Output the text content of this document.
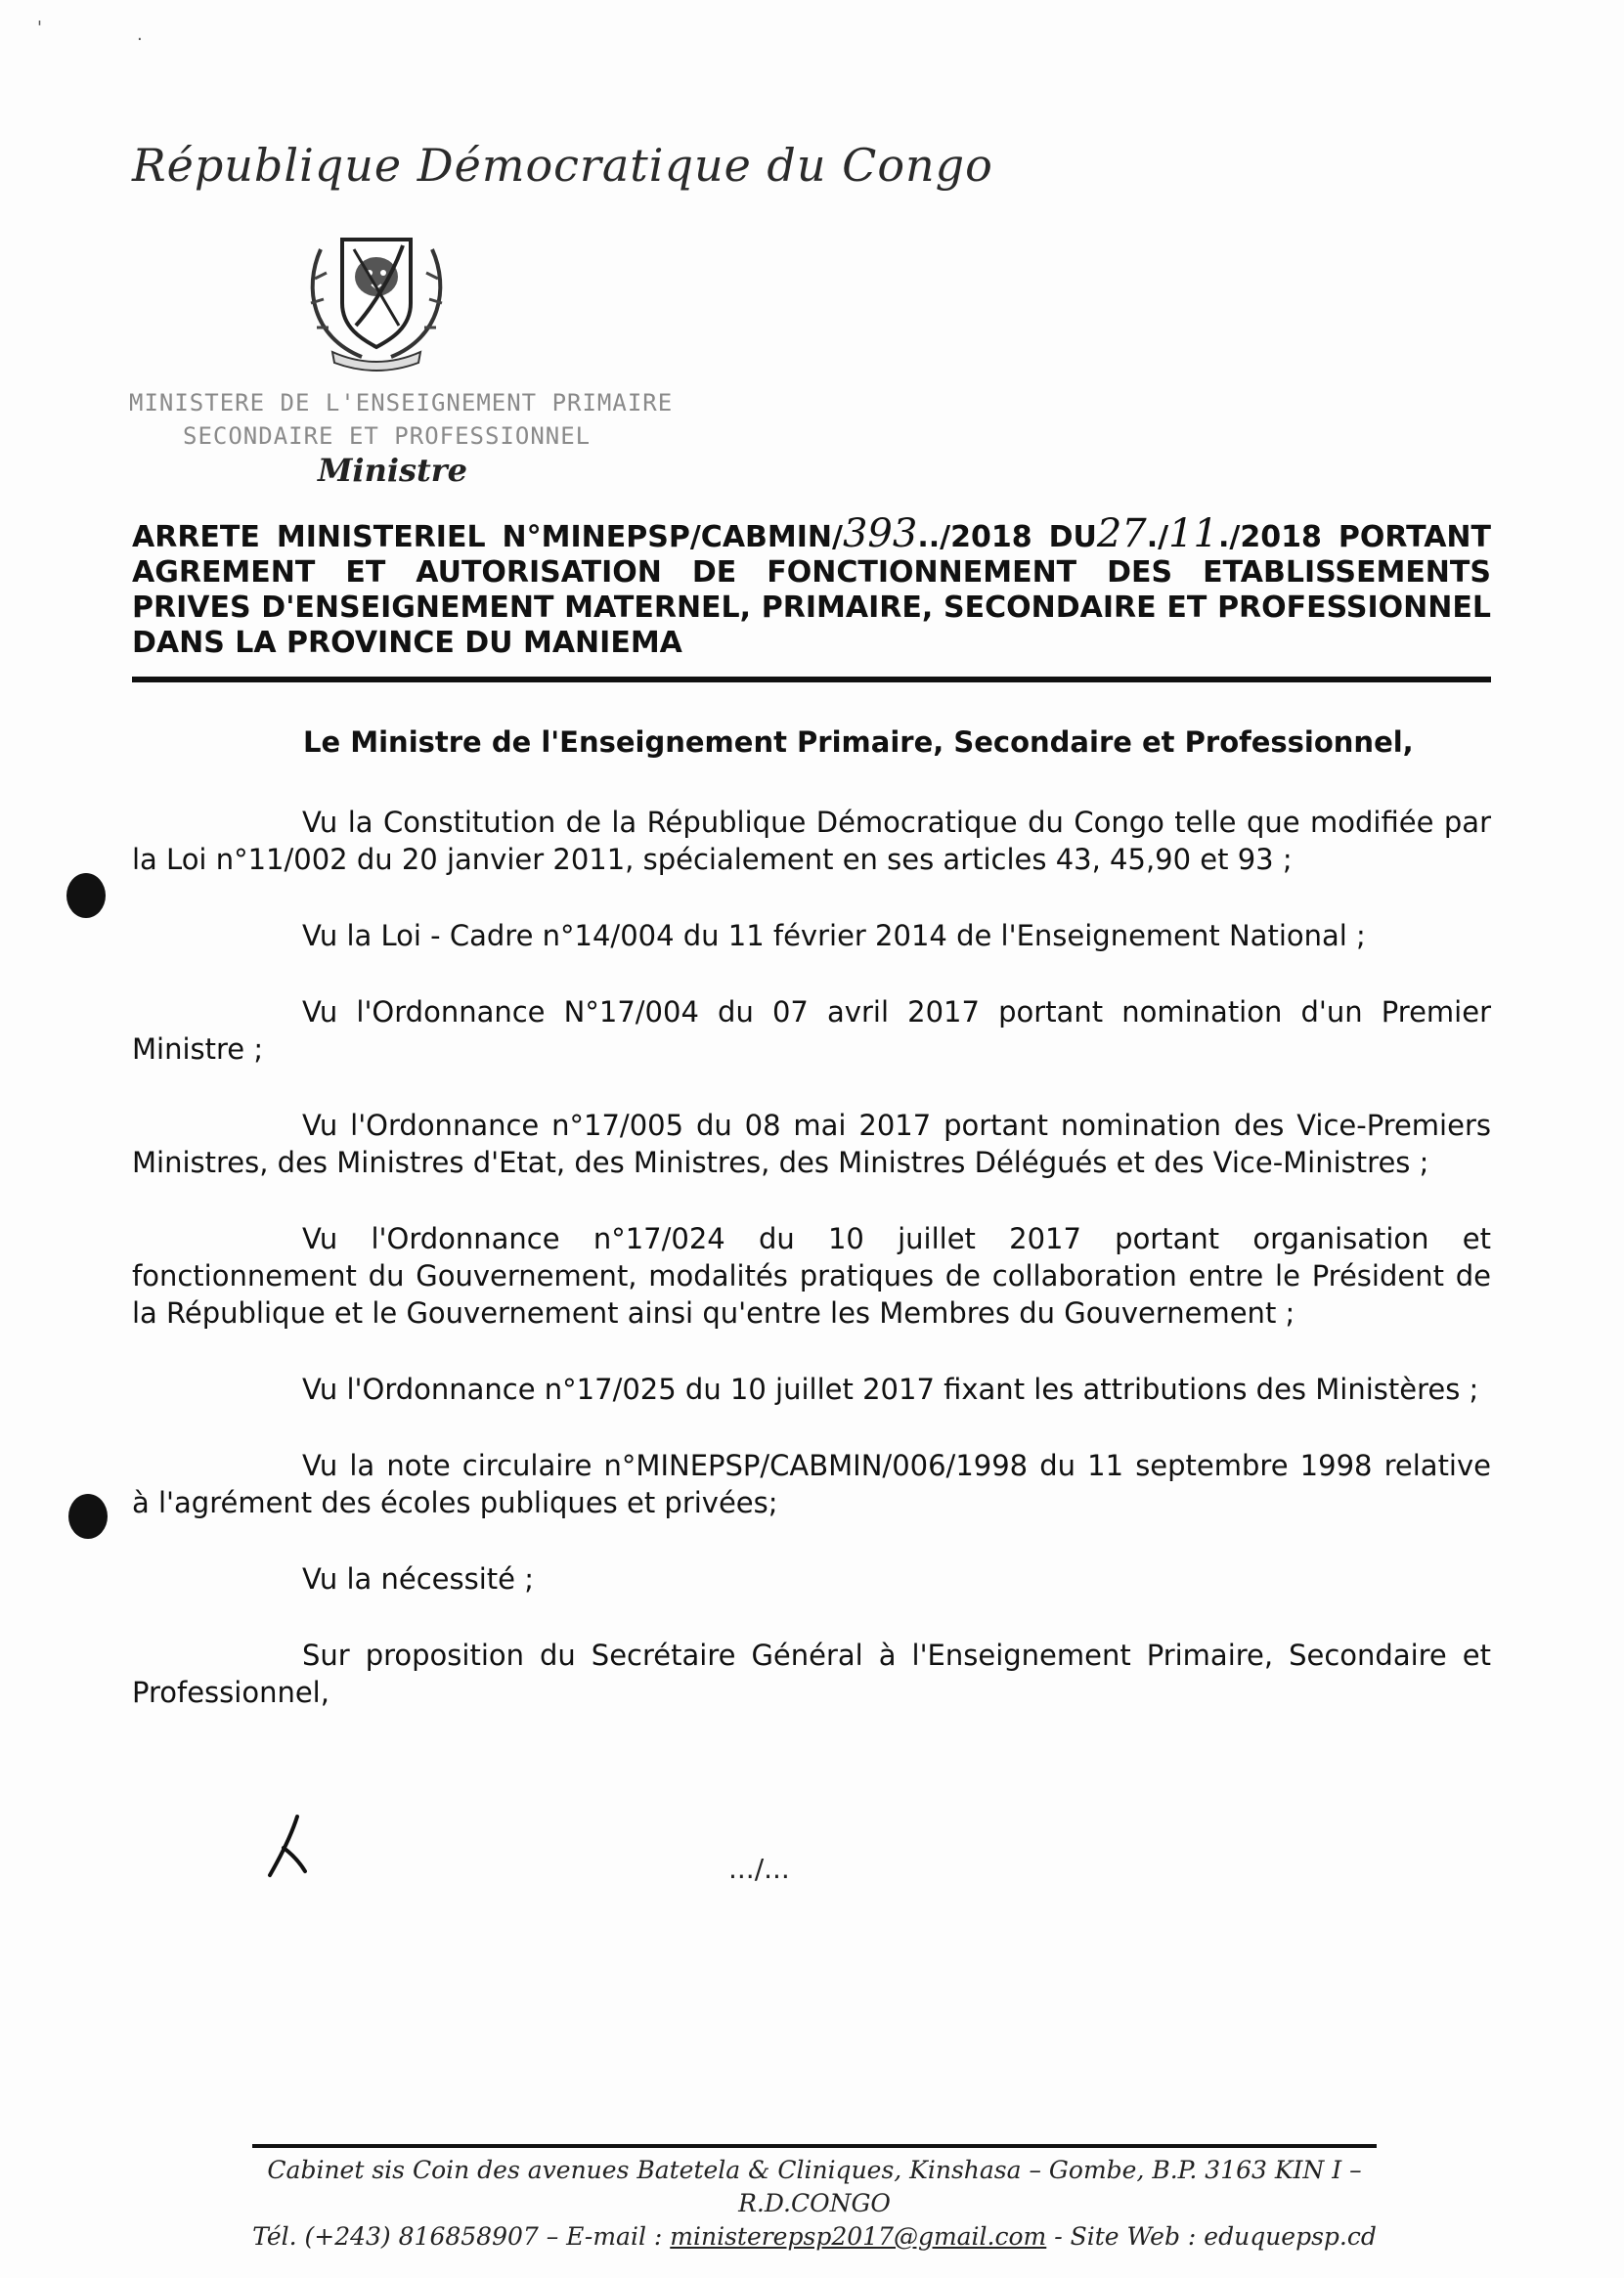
'	.
République Démocratique du Congo
MINISTERE DE L'ENSEIGNEMENT PRIMAIRE
SECONDAIRE ET PROFESSIONNEL
Ministre
ARRETE MINISTERIEL N°MINEPSP/CABMIN/393../2018 DU27./11./2018 PORTANT AGREMENT ET AUTORISATION DE FONCTIONNEMENT DES ETABLISSEMENTS PRIVES D'ENSEIGNEMENT MATERNEL, PRIMAIRE, SECONDAIRE ET PROFESSIONNEL DANS LA PROVINCE DU MANIEMA
Le Ministre de l'Enseignement Primaire, Secondaire et Professionnel,

Vu la Constitution de la République Démocratique du Congo telle que modifiée par la Loi n°11/002 du 20 janvier 2011, spécialement en ses articles 43, 45,90 et 93 ;

Vu la Loi - Cadre n°14/004 du 11 février 2014 de l'Enseignement National ;

Vu l'Ordonnance N°17/004 du 07 avril 2017 portant nomination d'un Premier Ministre ;

Vu l'Ordonnance n°17/005 du 08 mai 2017 portant nomination des Vice-Premiers Ministres, des Ministres d'Etat, des Ministres, des Ministres Délégués et des Vice-Ministres ;

Vu l'Ordonnance n°17/024 du 10 juillet 2017 portant organisation et fonctionnement du Gouvernement, modalités pratiques de collaboration entre le Président de la République et le Gouvernement ainsi qu'entre les Membres du Gouvernement ;

Vu l'Ordonnance n°17/025 du 10 juillet 2017 fixant les attributions des Ministères ;

Vu la note circulaire n°MINEPSP/CABMIN/006/1998 du 11 septembre 1998 relative à l'agrément des écoles publiques et privées;

Vu la nécessité ;

Sur proposition du Secrétaire Général à l'Enseignement Primaire, Secondaire et Professionnel,

.../...
Cabinet sis Coin des avenues Batetela & Cliniques, Kinshasa – Gombe, B.P. 3163 KIN I – R.D.CONGO
Tél. (+243) 816858907 – E-mail : ministerepsp2017@gmail.com - Site Web : eduquepsp.cd
